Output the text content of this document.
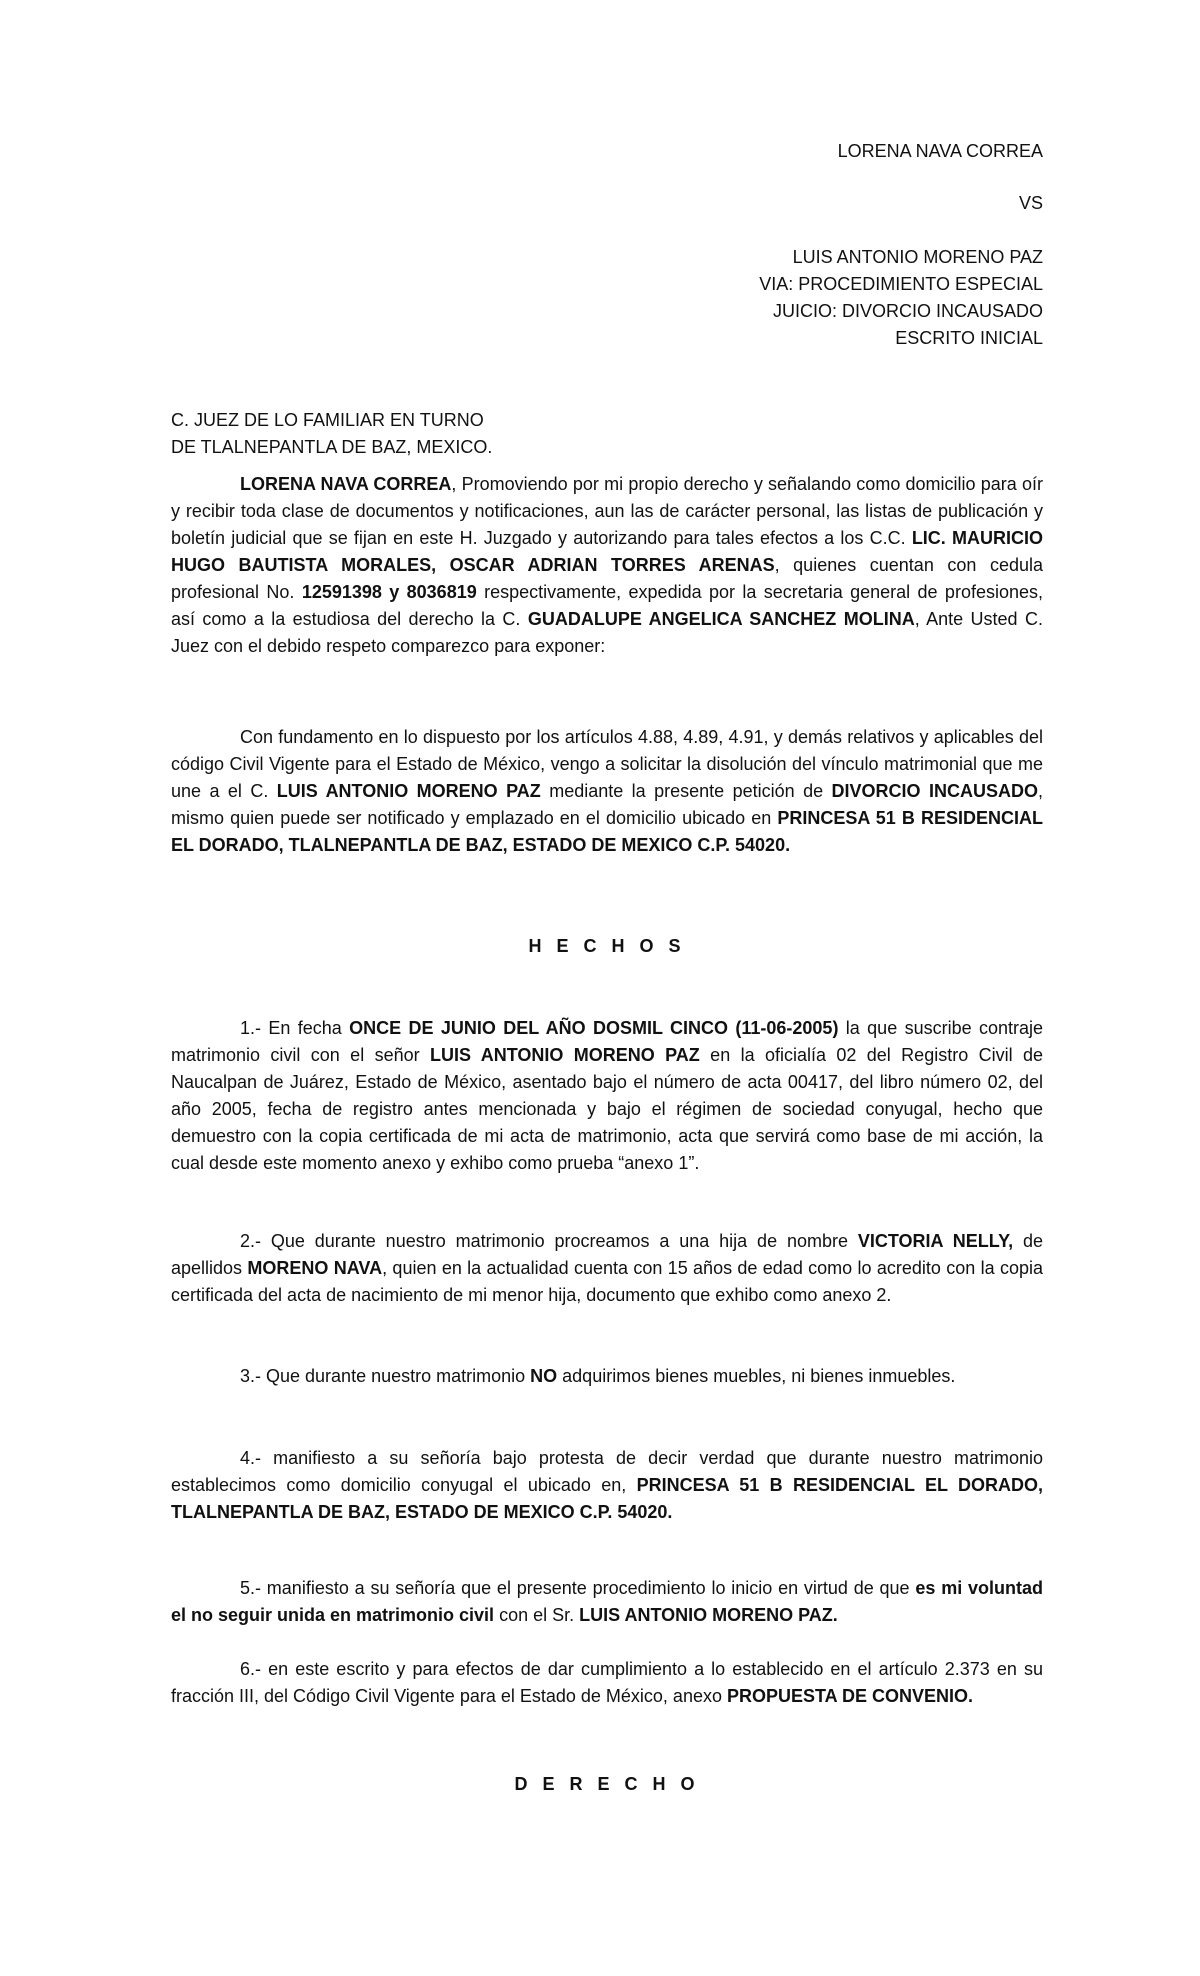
LORENA NAVA CORREA
VS
LUIS ANTONIO MORENO PAZ
VIA: PROCEDIMIENTO ESPECIAL
JUICIO: DIVORCIO INCAUSADO
ESCRITO INICIAL
C. JUEZ DE LO FAMILIAR EN TURNO
DE TLALNEPANTLA DE BAZ, MEXICO.

LORENA NAVA CORREA, Promoviendo por mi propio derecho y señalando como domicilio para oír y recibir toda clase de documentos y notificaciones, aun las de carácter personal, las listas de publicación y boletín judicial que se fijan en este H. Juzgado y autorizando para tales efectos a los C.C. LIC. MAURICIO HUGO BAUTISTA MORALES, OSCAR ADRIAN TORRES ARENAS, quienes cuentan con cedula profesional No. 12591398 y 8036819 respectivamente, expedida por la secretaria general de profesiones, así como a la estudiosa del derecho la C. GUADALUPE ANGELICA SANCHEZ MOLINA, Ante Usted C. Juez con el debido respeto comparezco para exponer:

Con fundamento en lo dispuesto por los artículos 4.88, 4.89, 4.91, y demás relativos y aplicables del código Civil Vigente para el Estado de México, vengo a solicitar la disolución del vínculo matrimonial que me une a el C. LUIS ANTONIO MORENO PAZ mediante la presente petición de DIVORCIO INCAUSADO, mismo quien puede ser notificado y emplazado en el domicilio ubicado en PRINCESA 51 B RESIDENCIAL EL DORADO, TLALNEPANTLA DE BAZ, ESTADO DE MEXICO C.P. 54020.

H E C H O S

1.- En fecha ONCE DE JUNIO DEL AÑO DOSMIL CINCO (11-06-2005) la que suscribe contraje matrimonio civil con el señor LUIS ANTONIO MORENO PAZ en la oficialía 02 del Registro Civil de Naucalpan de Juárez, Estado de México, asentado bajo el número de acta 00417, del libro número 02, del año 2005, fecha de registro antes mencionada y bajo el régimen de sociedad conyugal, hecho que demuestro con la copia certificada de mi acta de matrimonio, acta que servirá como base de mi acción, la cual desde este momento anexo y exhibo como prueba “anexo 1”.

2.- Que durante nuestro matrimonio procreamos a una hija de nombre VICTORIA NELLY, de apellidos MORENO NAVA, quien en la actualidad cuenta con 15 años de edad como lo acredito con la copia certificada del acta de nacimiento de mi menor hija, documento que exhibo como anexo 2.

3.- Que durante nuestro matrimonio NO adquirimos bienes muebles, ni bienes inmuebles.

4.- manifiesto a su señoría bajo protesta de decir verdad que durante nuestro matrimonio establecimos como domicilio conyugal el ubicado en, PRINCESA 51 B RESIDENCIAL EL DORADO, TLALNEPANTLA DE BAZ, ESTADO DE MEXICO C.P. 54020.

5.- manifiesto a su señoría que el presente procedimiento lo inicio en virtud de que es mi voluntad el no seguir unida en matrimonio civil con el Sr. LUIS ANTONIO MORENO PAZ.

6.- en este escrito y para efectos de dar cumplimiento a lo establecido en el artículo 2.373 en su fracción III, del Código Civil Vigente para el Estado de México, anexo PROPUESTA DE CONVENIO.

D E R E C H O
